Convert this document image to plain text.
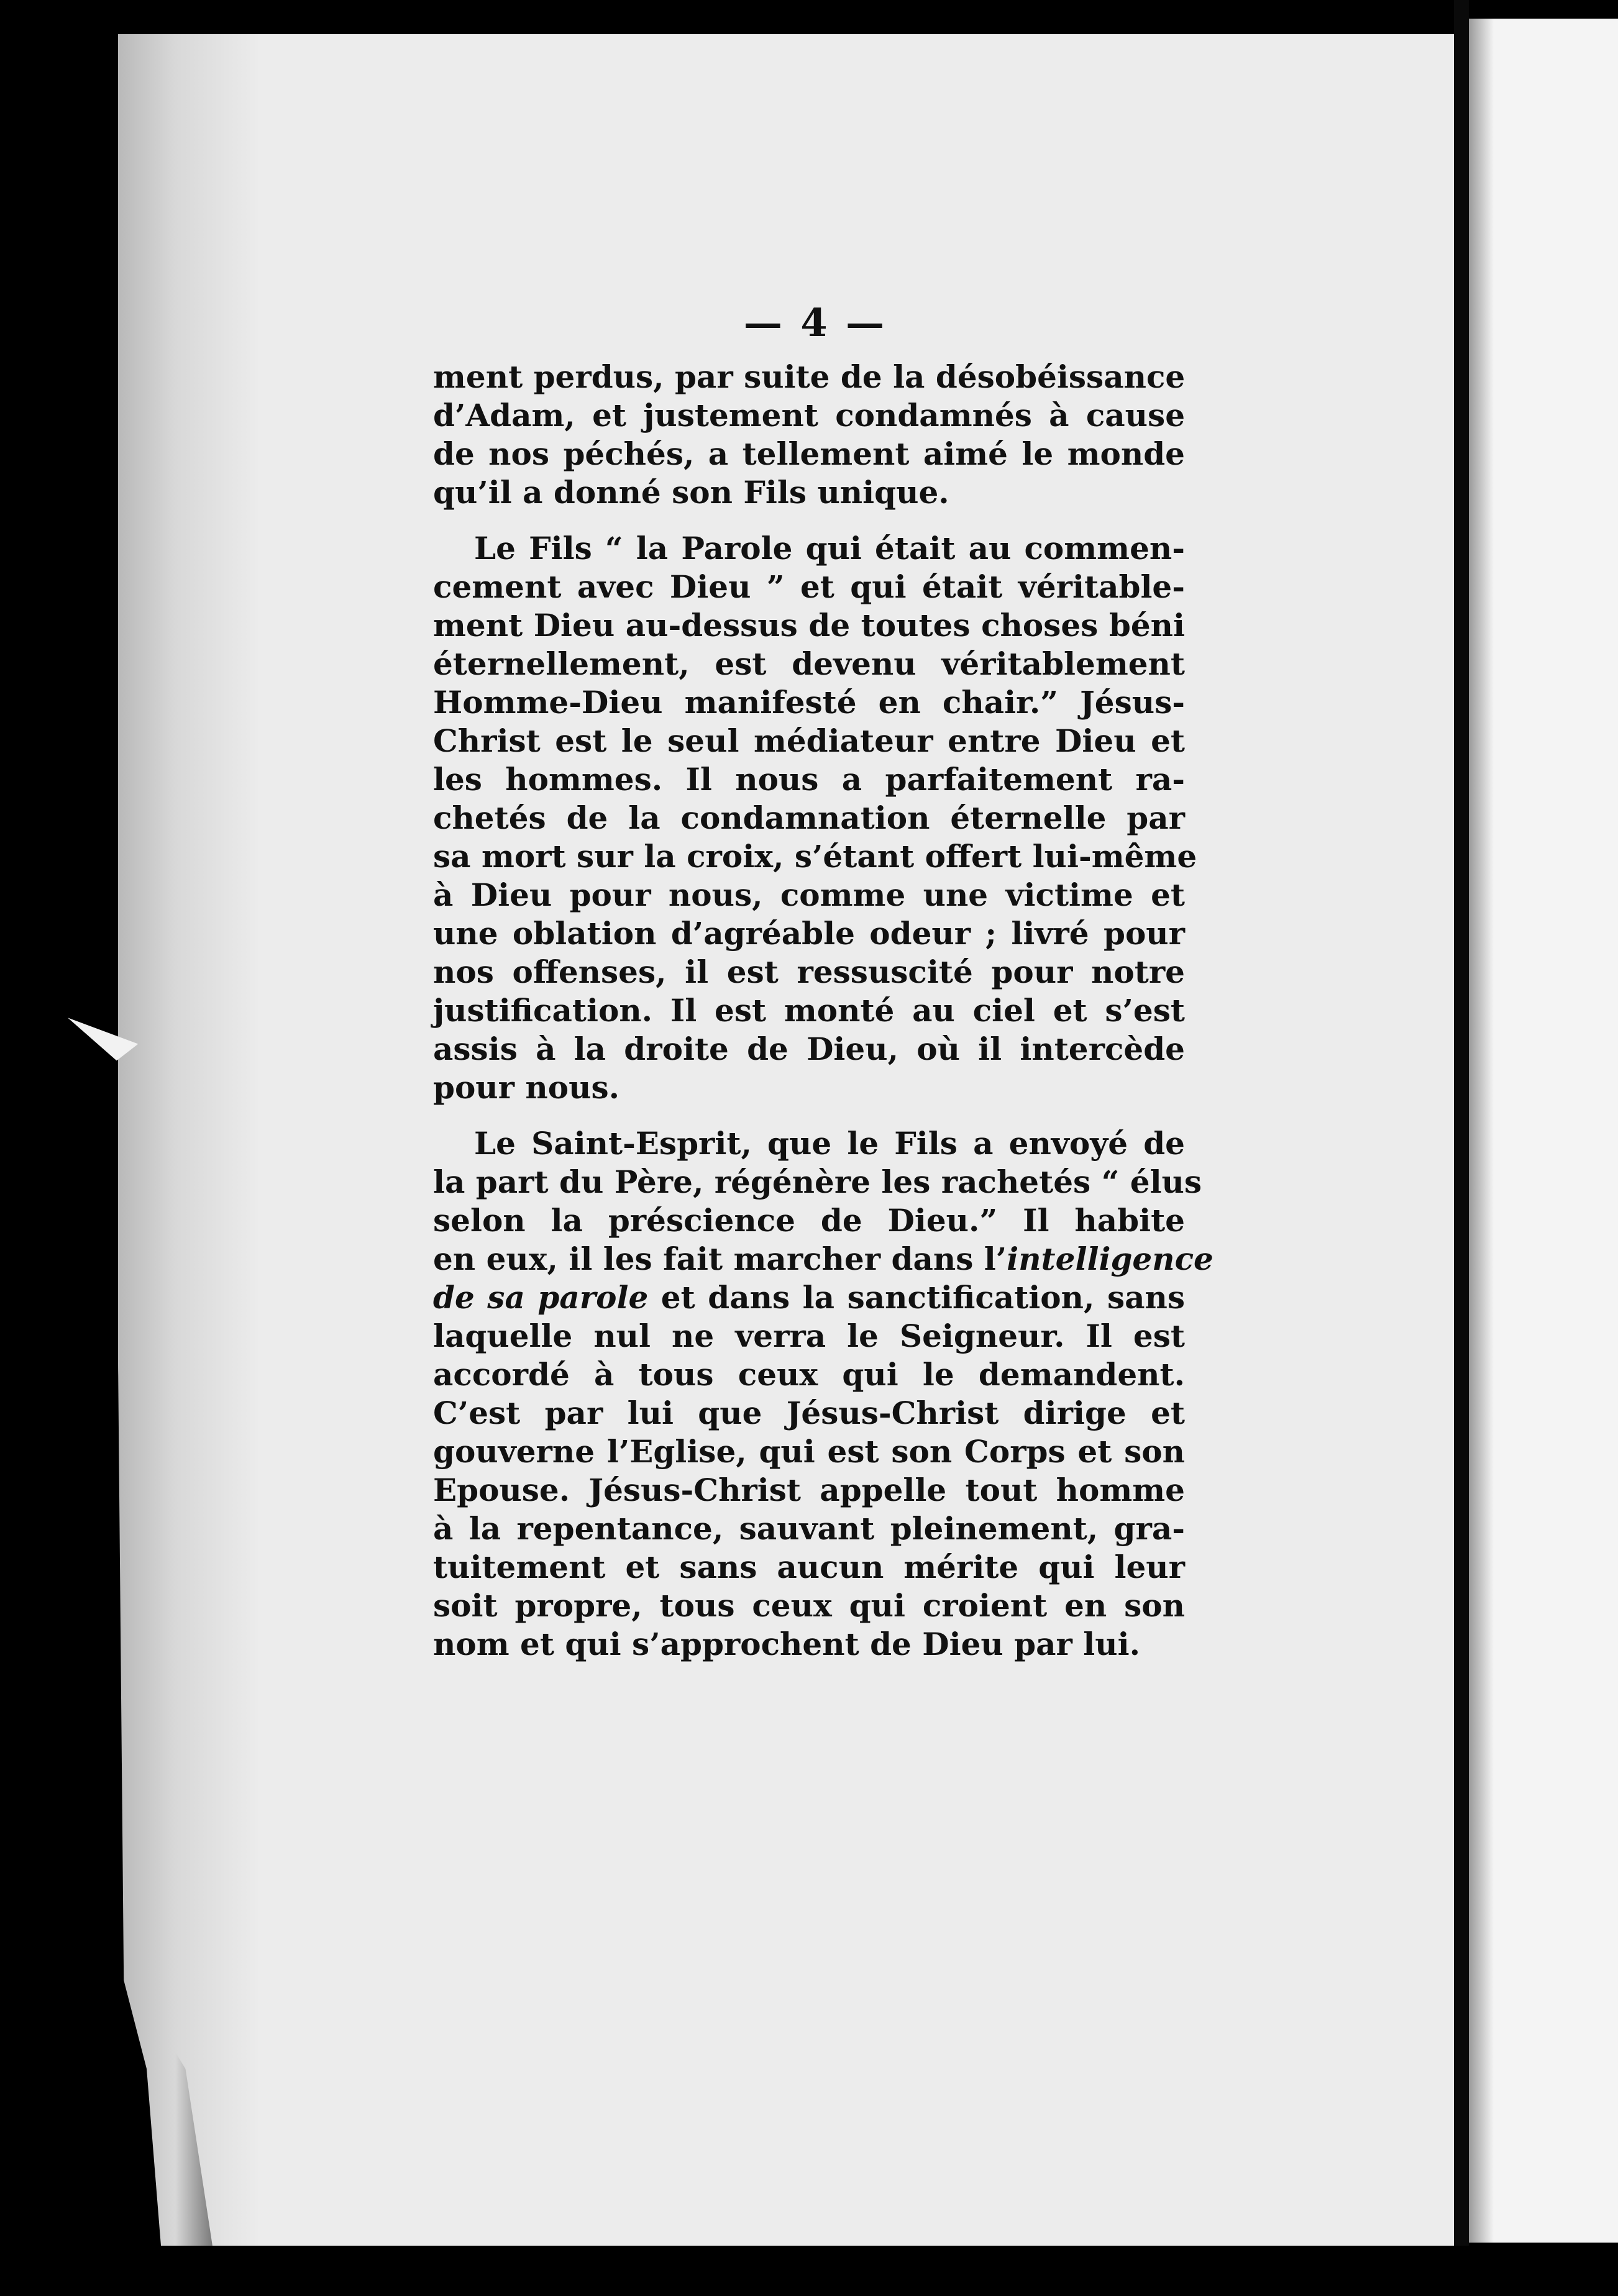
— 4 —
ment perdus, par suite de la désobéissance
d’Adam, et justement condamnés à cause
de nos péchés, a tellement aimé le monde
qu’il a donné son Fils unique.
Le Fils “ la Parole qui était au commen-
cement avec Dieu ” et qui était véritable-
ment Dieu au-dessus de toutes choses béni
éternellement, est devenu véritablement
Homme-Dieu manifesté en chair.” Jésus-
Christ est le seul médiateur entre Dieu et
les hommes. Il nous a parfaitement ra-
chetés de la condamnation éternelle par
sa mort sur la croix, s’étant offert lui-même
à Dieu pour nous, comme une victime et
une oblation d’agréable odeur ; livré pour
nos offenses, il est ressuscité pour notre
justification. Il est monté au ciel et s’est
assis à la droite de Dieu, où il intercède
pour nous.
Le Saint-Esprit, que le Fils a envoyé de
la part du Père, régénère les rachetés “ élus
selon la préscience de Dieu.” Il habite
en eux, il les fait marcher dans l’intelligence
de sa parole et dans la sanctification, sans
laquelle nul ne verra le Seigneur. Il est
accordé à tous ceux qui le demandent.
C’est par lui que Jésus-Christ dirige et
gouverne l’Eglise, qui est son Corps et son
Epouse. Jésus-Christ appelle tout homme
à la repentance, sauvant pleinement, gra-
tuitement et sans aucun mérite qui leur
soit propre, tous ceux qui croient en son
nom et qui s’approchent de Dieu par lui.
